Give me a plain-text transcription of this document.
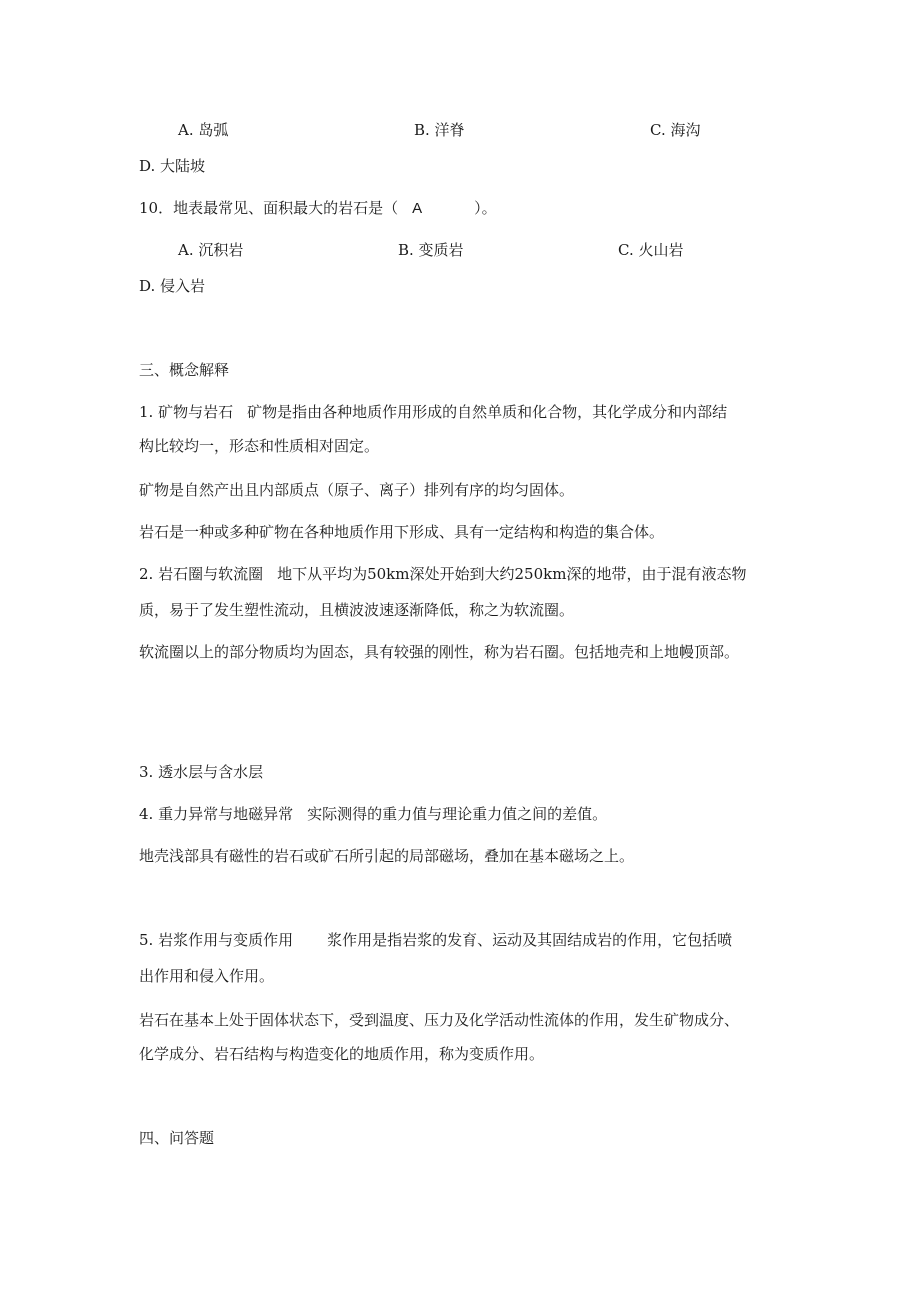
A. 岛弧	B. 洋脊	C. 海沟
D. 大陆坡
10．地表最常见、面积最大的岩石是（ A	）。
A. 沉积岩	B. 变质岩	C. 火山岩
D. 侵入岩
三、概念解释
1. 矿物与岩石 矿物是指由各种地质作用形成的自然单质和化合物，其化学成分和内部结
构比较均一，形态和性质相对固定。
矿物是自然产出且内部质点（原子、离子）排列有序的均匀固体。
岩石是一种或多种矿物在各种地质作用下形成、具有一定结构和构造的集合体。
2. 岩石圈与软流圈 地下从平均为50km深处开始到大约250km深的地带，由于混有液态物
质，易于了发生塑性流动，且横波波速逐渐降低，称之为软流圈。
软流圈以上的部分物质均为固态，具有较强的刚性，称为岩石圈。包括地壳和上地幔顶部。
3. 透水层与含水层
4. 重力异常与地磁异常 实际测得的重力值与理论重力值之间的差值。
地壳浅部具有磁性的岩石或矿石所引起的局部磁场，叠加在基本磁场之上。
5. 岩浆作用与变质作用 浆作用是指岩浆的发育、运动及其固结成岩的作用，它包括喷
出作用和侵入作用。
岩石在基本上处于固体状态下，受到温度、压力及化学活动性流体的作用，发生矿物成分、
化学成分、岩石结构与构造变化的地质作用，称为变质作用。
四、问答题
